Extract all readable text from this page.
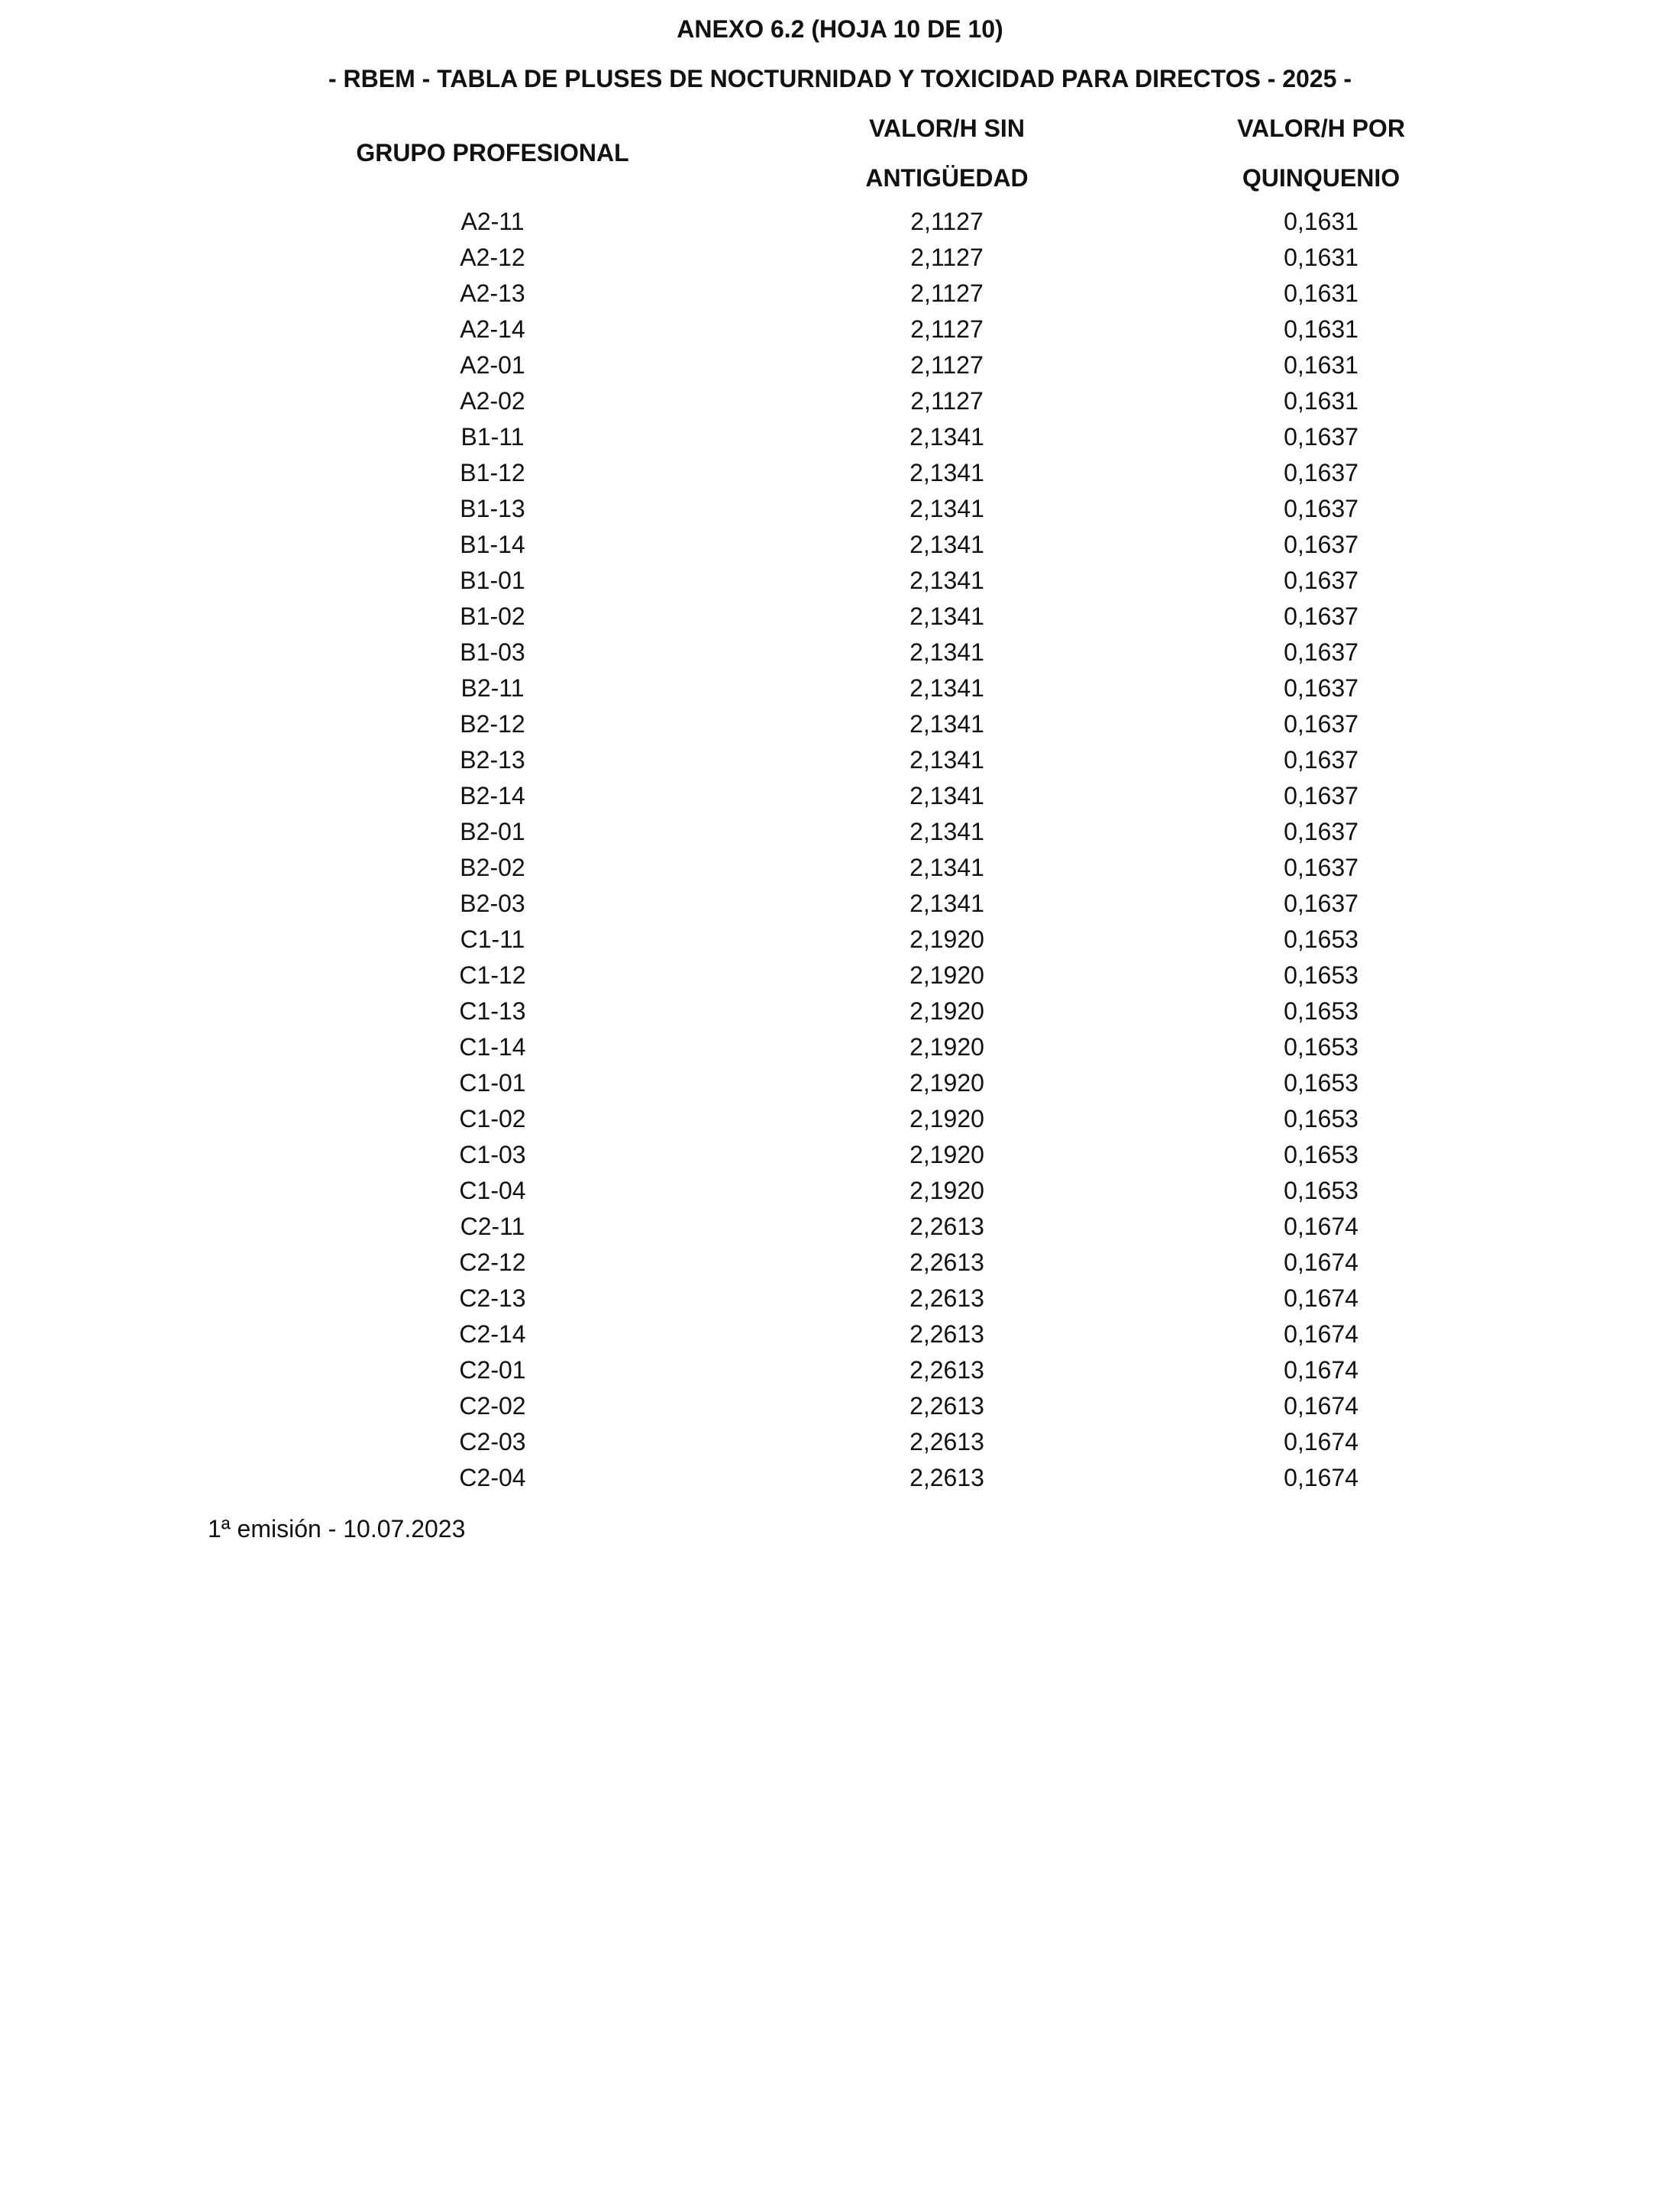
ANEXO 6.2 (HOJA 10 DE 10)
- RBEM - TABLA DE PLUSES DE NOCTURNIDAD Y TOXICIDAD PARA DIRECTOS - 2025 -
GRUPO PROFESIONAL
VALOR/H SIN
ANTIGÜEDAD
VALOR/H POR
QUINQUENIO
A2-11	2,1127	0,1631
A2-12	2,1127	0,1631
A2-13	2,1127	0,1631
A2-14	2,1127	0,1631
A2-01	2,1127	0,1631
A2-02	2,1127	0,1631
B1-11	2,1341	0,1637
B1-12	2,1341	0,1637
B1-13	2,1341	0,1637
B1-14	2,1341	0,1637
B1-01	2,1341	0,1637
B1-02	2,1341	0,1637
B1-03	2,1341	0,1637
B2-11	2,1341	0,1637
B2-12	2,1341	0,1637
B2-13	2,1341	0,1637
B2-14	2,1341	0,1637
B2-01	2,1341	0,1637
B2-02	2,1341	0,1637
B2-03	2,1341	0,1637
C1-11	2,1920	0,1653
C1-12	2,1920	0,1653
C1-13	2,1920	0,1653
C1-14	2,1920	0,1653
C1-01	2,1920	0,1653
C1-02	2,1920	0,1653
C1-03	2,1920	0,1653
C1-04	2,1920	0,1653
C2-11	2,2613	0,1674
C2-12	2,2613	0,1674
C2-13	2,2613	0,1674
C2-14	2,2613	0,1674
C2-01	2,2613	0,1674
C2-02	2,2613	0,1674
C2-03	2,2613	0,1674
C2-04	2,2613	0,1674
1ª emisión - 10.07.2023
